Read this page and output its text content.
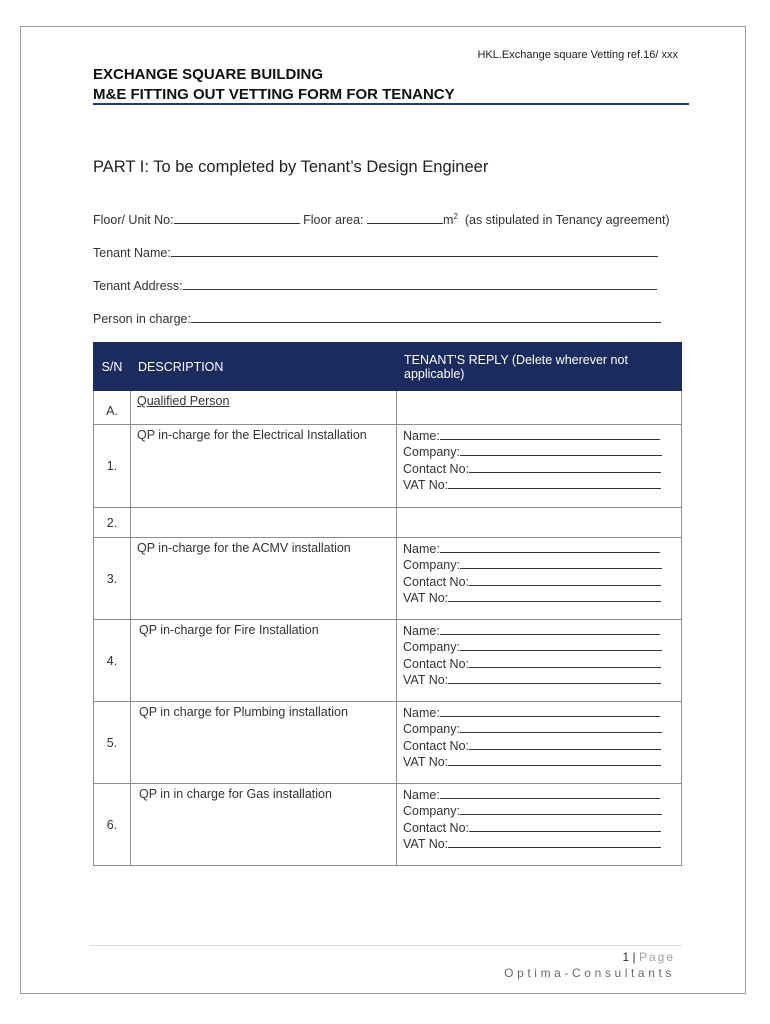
HKL.Exchange square Vetting ref.16/ xxx
EXCHANGE SQUARE BUILDING
M&E FITTING OUT VETTING FORM FOR TENANCY
PART I: To be completed by Tenant’s Design Engineer
Floor/ Unit No:	Floor area:	$m^2$ (as stipulated in Tenancy agreement)
Tenant Name:
Tenant Address:
Person in charge:
S/N	DESCRIPTION	TENANT’S REPLY (Delete wherever not applicable)
A.	Qualified Person	
1.	QP in-charge for the Electrical Installation	Name:
Company:
Contact No:
VAT No:

2.		
3.	QP in-charge for the ACMV installation	Name:
Company:
Contact No:
VAT No:

4.	QP in-charge for Fire Installation	Name:
Company:
Contact No:
VAT No:

5.	QP in charge for Plumbing installation	Name:
Company:
Contact No:
VAT No:

6.	QP in in charge for Gas installation	Name:
Company:
Contact No:
VAT No:
1 | Page
Optima-Consultants
